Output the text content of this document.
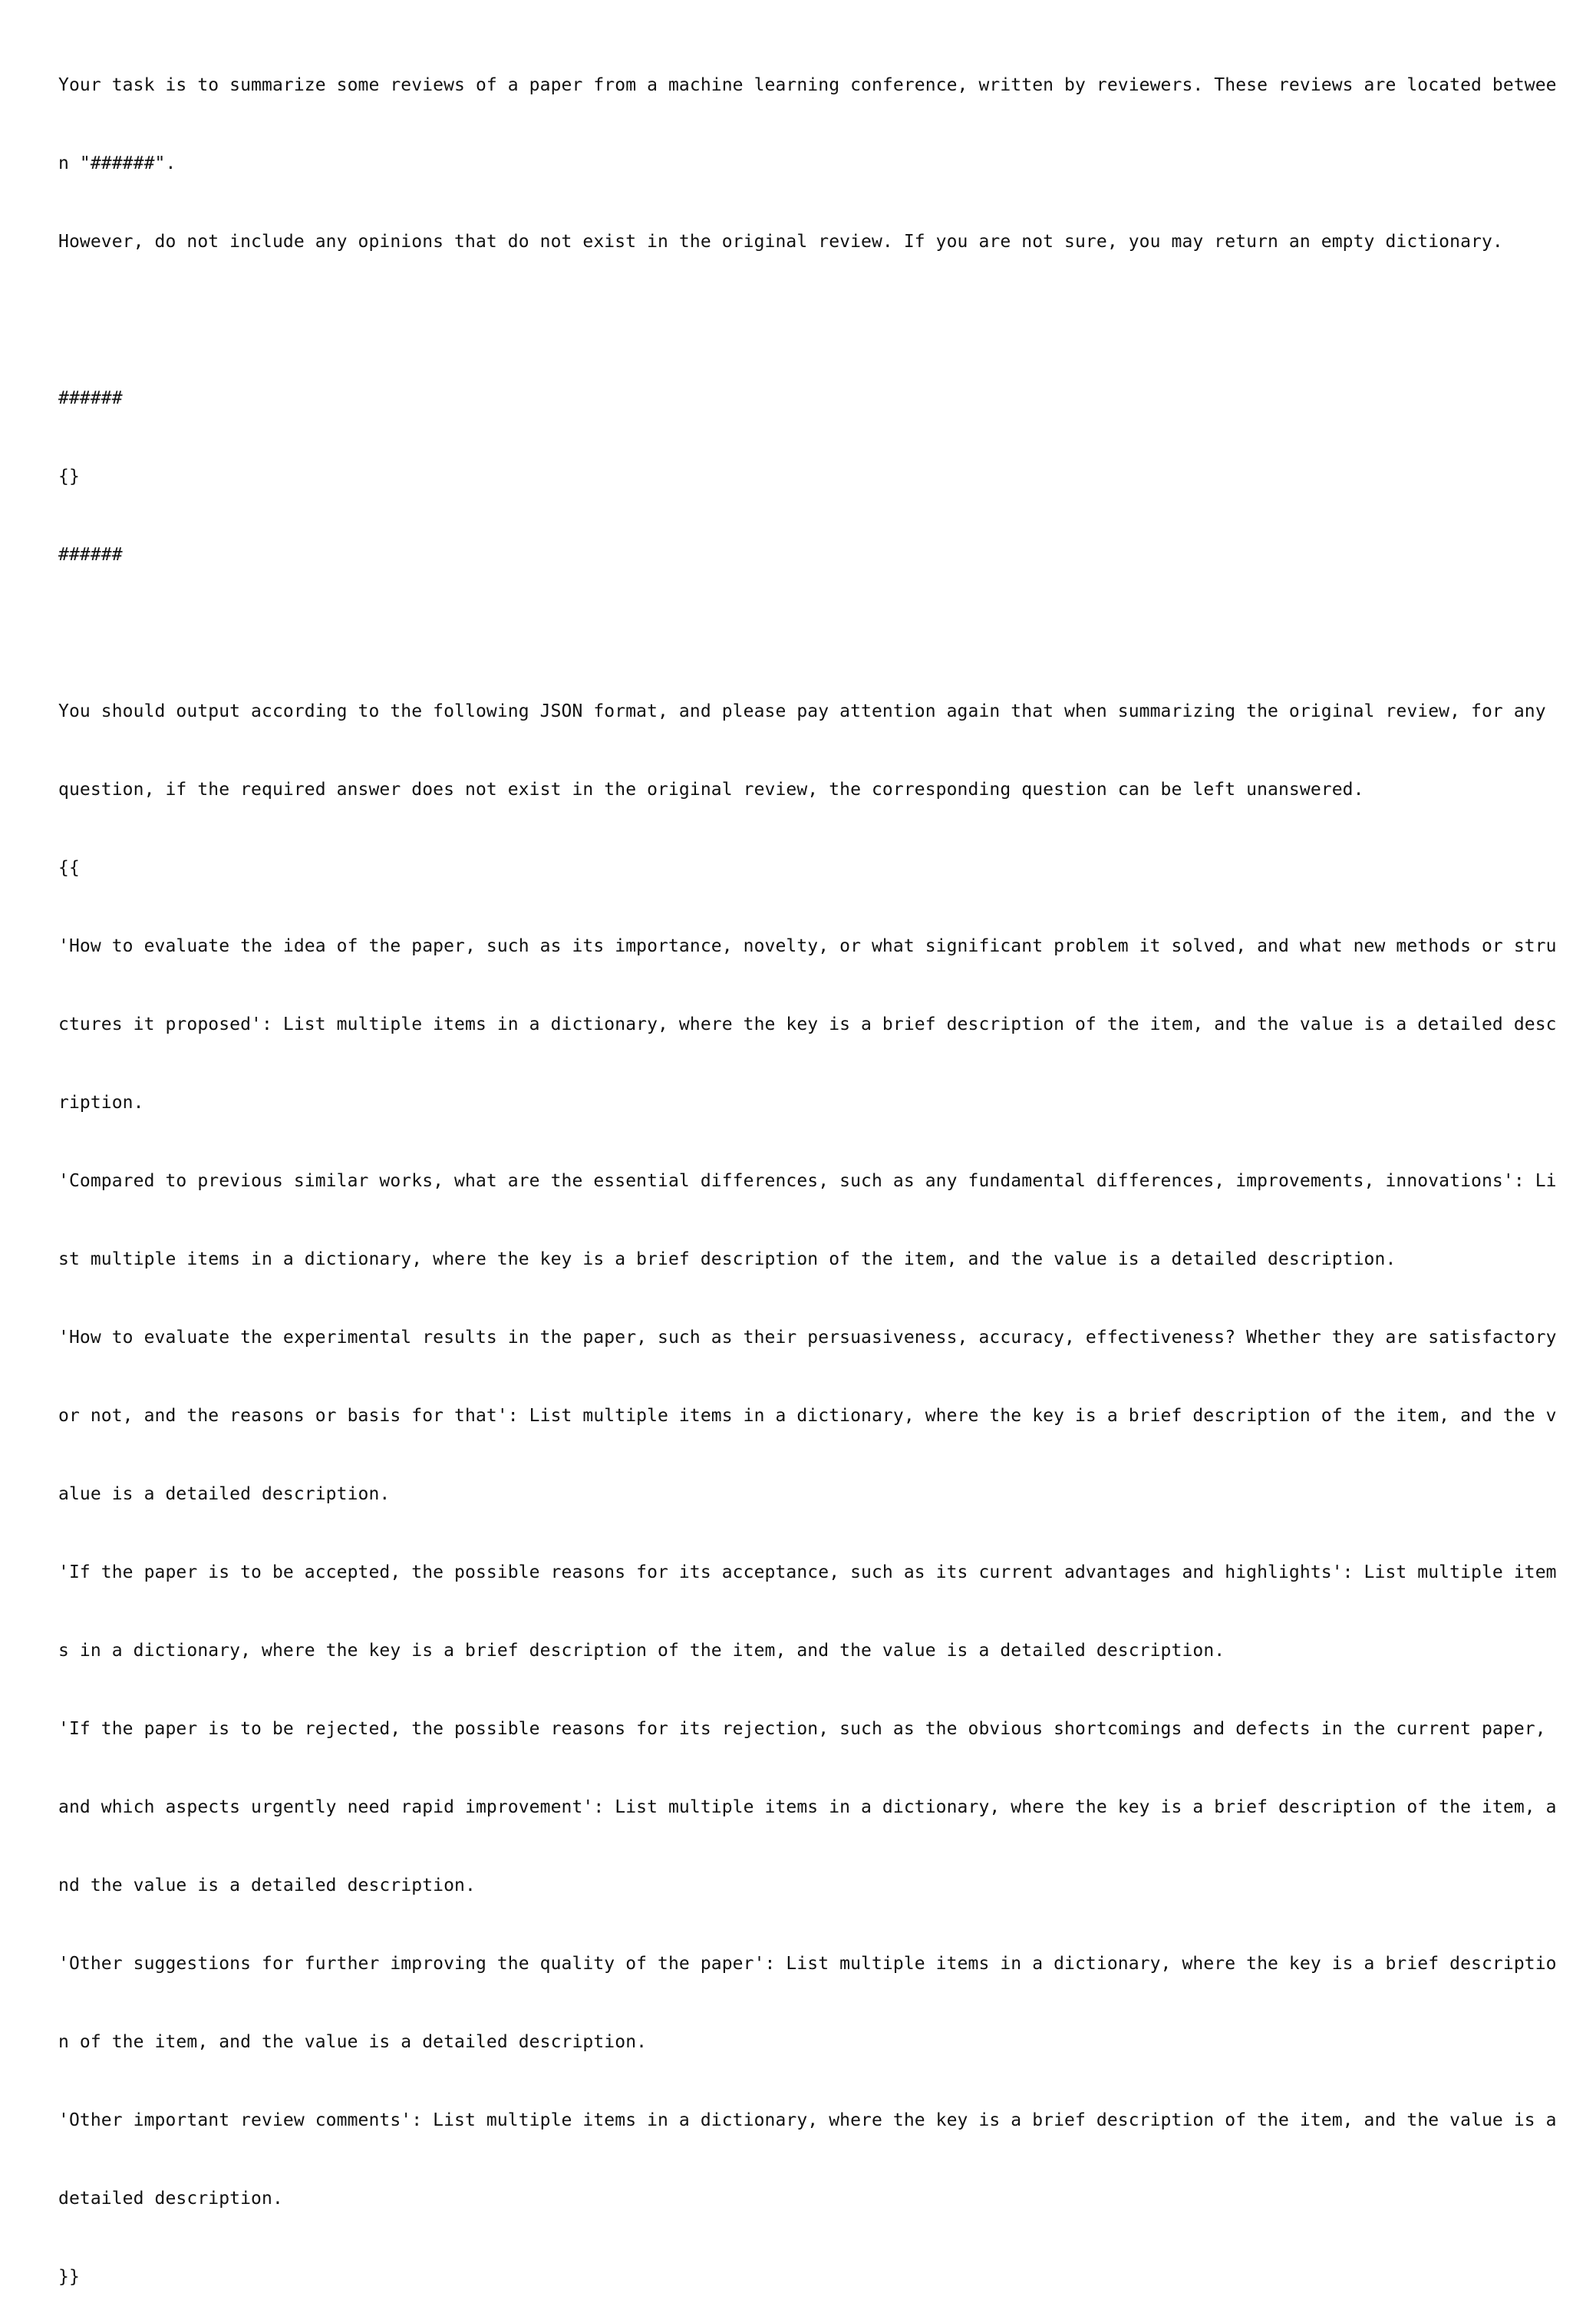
Your task is to summarize some reviews of a paper from a machine learning conference, written by reviewers. These reviews are located betwee

n "######".

However, do not include any opinions that do not exist in the original review. If you are not sure, you may return an empty dictionary.

######

{}

######

You should output according to the following JSON format, and please pay attention again that when summarizing the original review, for any

question, if the required answer does not exist in the original review, the corresponding question can be left unanswered.

{{

'How to evaluate the idea of the paper, such as its importance, novelty, or what significant problem it solved, and what new methods or stru

ctures it proposed': List multiple items in a dictionary, where the key is a brief description of the item, and the value is a detailed desc

ription.

'Compared to previous similar works, what are the essential differences, such as any fundamental differences, improvements, innovations': Li

st multiple items in a dictionary, where the key is a brief description of the item, and the value is a detailed description.

'How to evaluate the experimental results in the paper, such as their persuasiveness, accuracy, effectiveness? Whether they are satisfactory

or not, and the reasons or basis for that': List multiple items in a dictionary, where the key is a brief description of the item, and the v

alue is a detailed description.

'If the paper is to be accepted, the possible reasons for its acceptance, such as its current advantages and highlights': List multiple item

s in a dictionary, where the key is a brief description of the item, and the value is a detailed description.

'If the paper is to be rejected, the possible reasons for its rejection, such as the obvious shortcomings and defects in the current paper,

and which aspects urgently need rapid improvement': List multiple items in a dictionary, where the key is a brief description of the item, a

nd the value is a detailed description.

'Other suggestions for further improving the quality of the paper': List multiple items in a dictionary, where the key is a brief descriptio

n of the item, and the value is a detailed description.

'Other important review comments': List multiple items in a dictionary, where the key is a brief description of the item, and the value is a

detailed description.

}}
